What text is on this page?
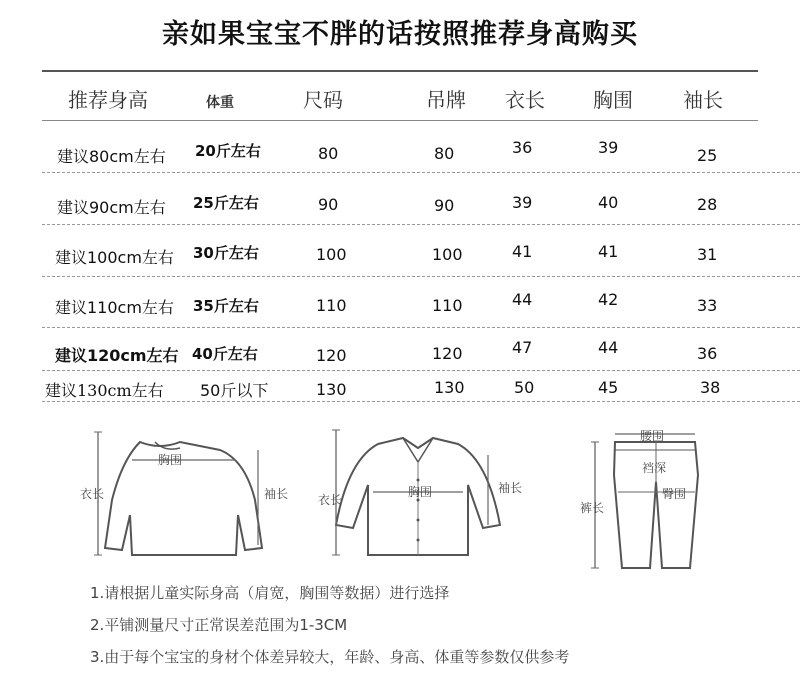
亲如果宝宝不胖的话按照推荐身高购买
推荐身高	体重	尺码	吊牌 衣长 胸围	袖长
建议80cm左右 20斤左右	80	80	36	39	25
建议90cm左右 25斤左右	90	90	39	40	28
建议100cm左右 30斤左右	100	100	41	41	31
建议110cm左右 35斤左右	110	110	44	42	33
建议120cm左右 40斤左右	120	120	47	44	36
建议130cm左右 50斤以下	130	130	50	45	38
衣长
胸围
袖长 衣长
胸围	袖长
腰围
裆深
臀围
裤长
1.请根据儿童实际身高（肩宽，胸围等数据）进行选择
2.平铺测量尺寸正常误差范围为1-3CM
3.由于每个宝宝的身材个体差异较大，年龄、身高、体重等参数仅供参考
